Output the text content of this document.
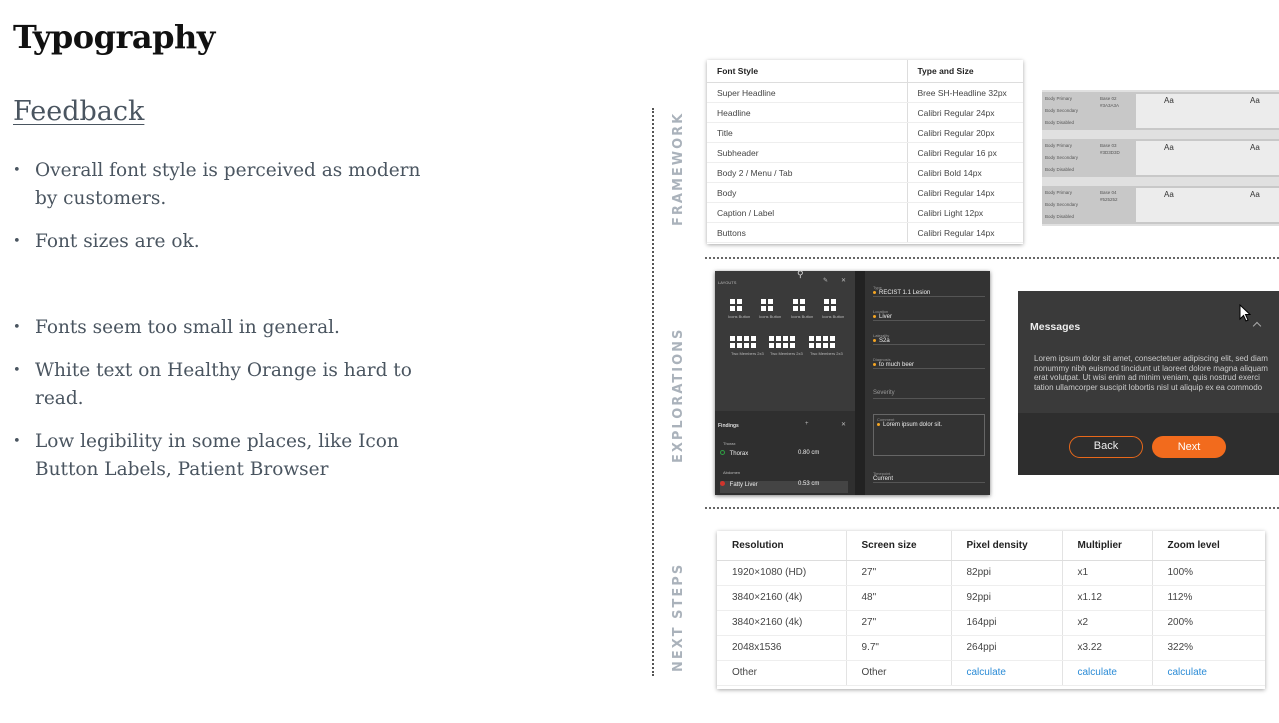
Typography
Feedback
• Overall font style is perceived as modern by customers.
• Font sizes are ok.
• Fonts seem too small in general.
• White text on Healthy Orange is hard to read.
• Low legibility in some places, like Icon Button Labels, Patient Browser
FRAMEWORK
EXPLORATIONS
NEXT STEPS
Font Style	Type and Size
Super Headline	Bree SH-Headline 32px
Headline	Calibri Regular 24px
Title	Calibri Regular 20px
Subheader	Calibri Regular 16 px
Body 2 / Menu / Tab	Calibri Bold 14px
Body	Calibri Regular 14px
Caption / Label	Calibri Light 12px
Buttons	Calibri Regular 14px
Body Primary
Body Secondary
Body Disabled
Base 02
#3A3A3A
Aa	Aa
Body Primary
Body Secondary
Body Disabled
Base 03
#3D3D3D
Aa	Aa
Body Primary
Body Secondary
Body Disabled
Base 04
#525252
Aa	Aa
LAYOUTS
⚲
✎ ✕
Icons Button Icons Button Icons Button Icons Button
Two Members 2x3 Two Members 2x3 Two Members 2x3
Findings	+	✕
Thorax
Thorax	0.80 cm
Abdomen
Fatty Liver	0.53 cm
Type
RECIST 1.1 Lesion
Location
Liver
Laterality
S2a
Diagnosis
to much beer
Severity
Comment
Lorem ipsum dolor sit.
Timepoint
Current
Messages
Lorem ipsum dolor sit amet, consectetuer adipiscing elit, sed diam nonummy nibh euismod tincidunt ut laoreet dolore magna aliquam erat volutpat. Ut wisi enim ad minim veniam, quis nostrud exerci tation ullamcorper suscipit lobortis nisl ut aliquip ex ea commodo
Back	Next
Resolution	Screen size	Pixel density	Multiplier	Zoom level
1920×1080 (HD)	27"	82ppi	x1	100%
3840×2160 (4k)	48"	92ppi	x1.12	112%
3840×2160 (4k)	27"	164ppi	x2	200%
2048x1536	9.7"	264ppi	x3.22	322%
Other	Other	calculate	calculate	calculate
